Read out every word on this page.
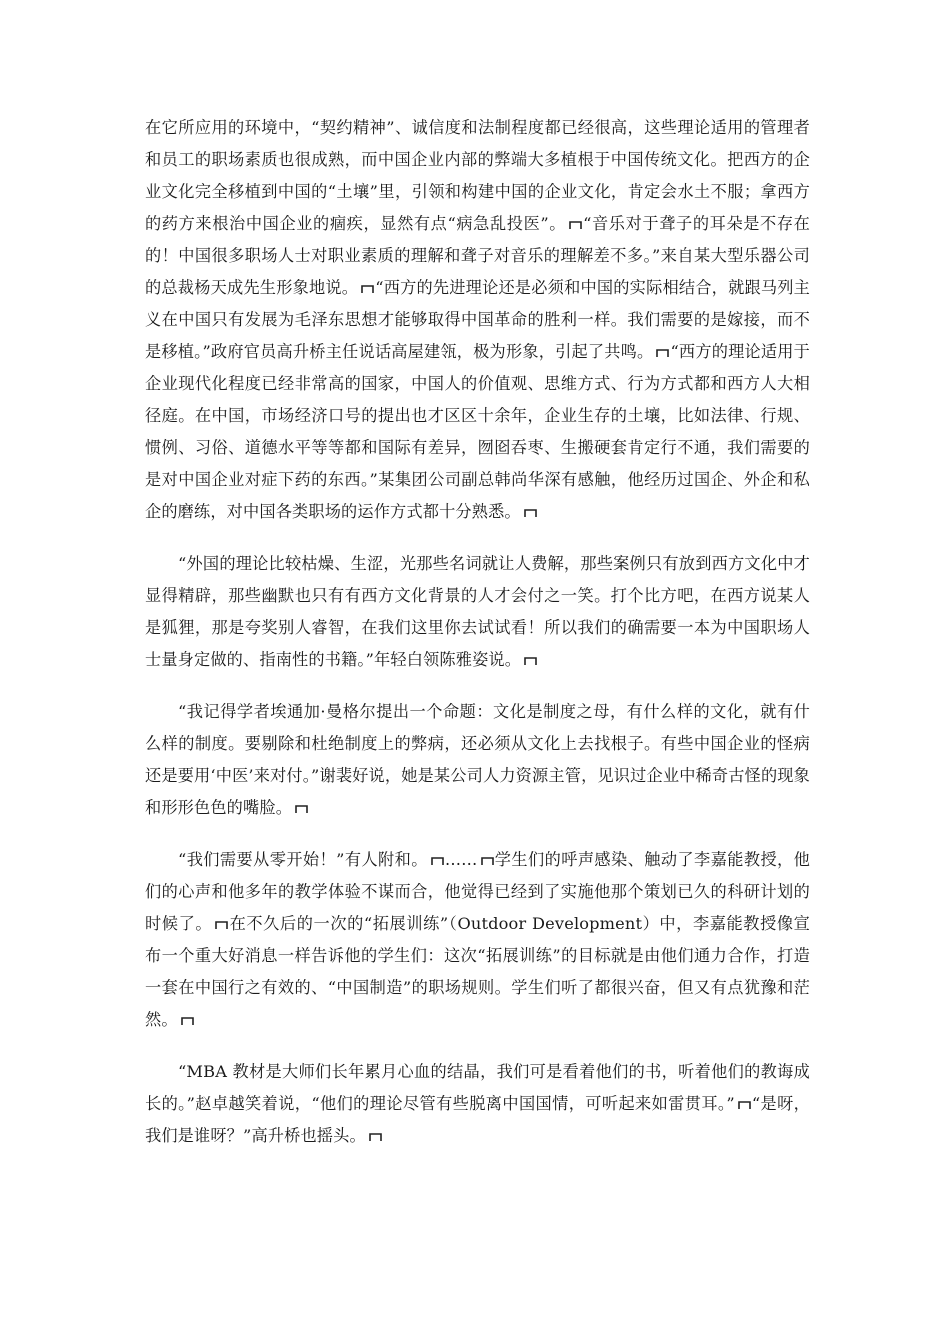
在它所应用的环境中，“契约精神”、诚信度和法制程度都已经很高，这些理论适用的管理者和员工的职场素质也很成熟，而中国企业内部的弊端大多植根于中国传统文化。把西方的企业文化完全移植到中国的“土壤”里，引领和构建中国的企业文化，肯定会水土不服；拿西方的药方来根治中国企业的痼疾，显然有点“病急乱投医”。 “音乐对于聋子的耳朵是不存在的！中国很多职场人士对职业素质的理解和聋子对音乐的理解差不多。”来自某大型乐器公司的总裁杨天成先生形象地说。 “西方的先进理论还是必须和中国的实际相结合，就跟马列主义在中国只有发展为毛泽东思想才能够取得中国革命的胜利一样。我们需要的是嫁接，而不是移植。”政府官员高升桥主任说话高屋建瓴，极为形象，引起了共鸣。 “西方的理论适用于企业现代化程度已经非常高的国家，中国人的价值观、思维方式、行为方式都和西方人大相径庭。在中国，市场经济口号的提出也才区区十余年，企业生存的土壤，比如法律、行规、惯例、习俗、道德水平等等都和国际有差异，囫囵吞枣、生搬硬套肯定行不通，我们需要的是对中国企业对症下药的东西。”某集团公司副总韩尚华深有感触，他经历过国企、外企和私企的磨练，对中国各类职场的运作方式都十分熟悉。

“外国的理论比较枯燥、生涩，光那些名词就让人费解，那些案例只有放到西方文化中才显得精辟，那些幽默也只有有西方文化背景的人才会付之一笑。打个比方吧，在西方说某人是狐狸，那是夸奖别人睿智，在我们这里你去试试看！所以我们的确需要一本为中国职场人士量身定做的、指南性的书籍。”年轻白领陈雅姿说。

“我记得学者埃通加·曼格尔提出一个命题：文化是制度之母，有什么样的文化，就有什么样的制度。要剔除和杜绝制度上的弊病，还必须从文化上去找根子。有些中国企业的怪病还是要用‘中医’来对付。”谢裴好说，她是某公司人力资源主管，见识过企业中稀奇古怪的现象和形形色色的嘴脸。

“我们需要从零开始！”有人附和。 …… 学生们的呼声感染、触动了李嘉能教授，他们的心声和他多年的教学体验不谋而合，他觉得已经到了实施他那个策划已久的科研计划的时候了。 在不久后的一次的“拓展训练”（Outdoor Development）中，李嘉能教授像宣布一个重大好消息一样告诉他的学生们：这次“拓展训练”的目标就是由他们通力合作，打造一套在中国行之有效的、“中国制造”的职场规则。学生们听了都很兴奋，但又有点犹豫和茫然。

“MBA 教材是大师们长年累月心血的结晶，我们可是看着他们的书，听着他们的教诲成长的。”赵卓越笑着说，“他们的理论尽管有些脱离中国国情，可听起来如雷贯耳。” “是呀，我们是谁呀？”高升桥也摇头。
